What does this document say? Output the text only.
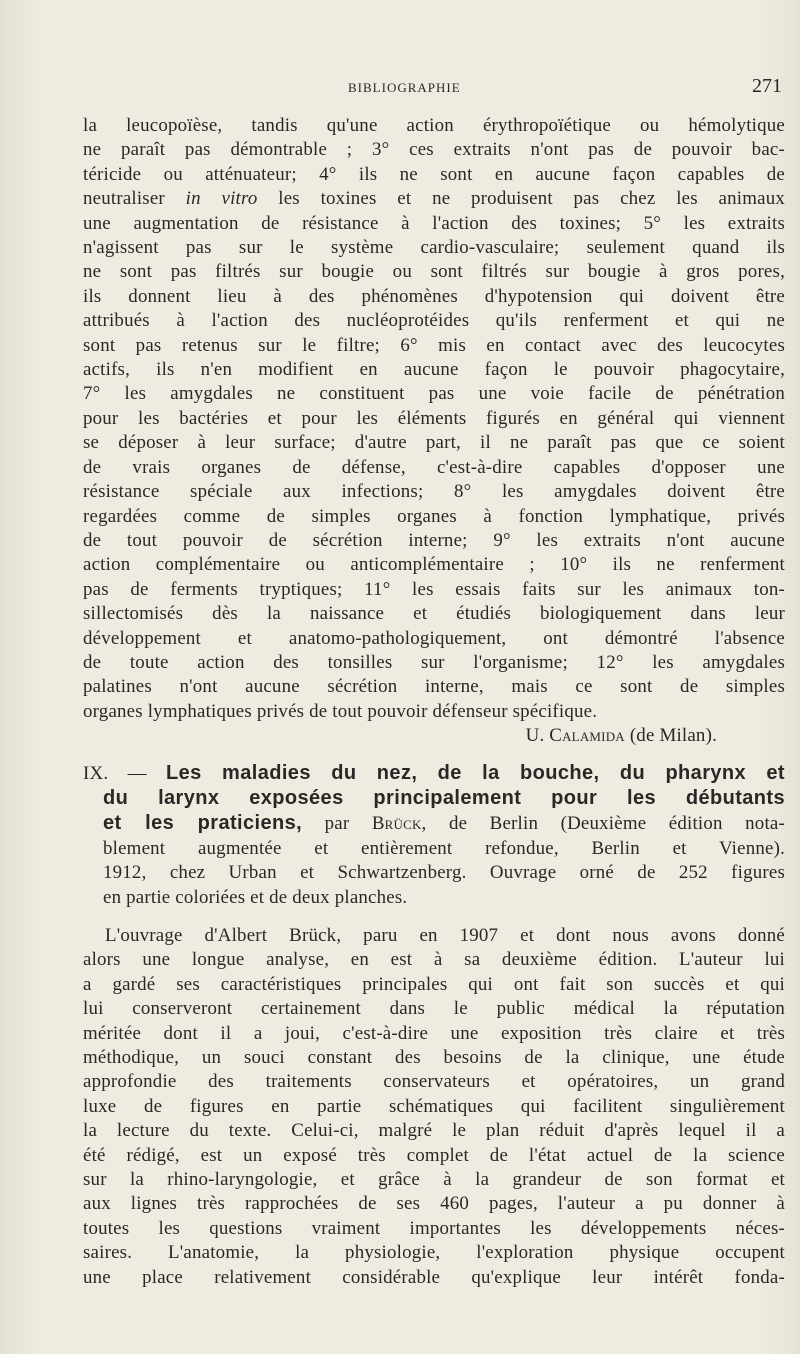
BIBLIOGRAPHIE	271

la leucopoïèse, tandis qu'une action érythropoïétique ou hémolytique

ne paraît pas démontrable ; 3° ces extraits n'ont pas de pouvoir bac-

téricide ou atténuateur; 4° ils ne sont en aucune façon capables de

neutraliser in vitro les toxines et ne produisent pas chez les animaux

une augmentation de résistance à l'action des toxines; 5° les extraits

n'agissent pas sur le système cardio-vasculaire; seulement quand ils

ne sont pas filtrés sur bougie ou sont filtrés sur bougie à gros pores,

ils donnent lieu à des phénomènes d'hypotension qui doivent être

attribués à l'action des nucléoprotéides qu'ils renferment et qui ne

sont pas retenus sur le filtre; 6° mis en contact avec des leucocytes

actifs, ils n'en modifient en aucune façon le pouvoir phagocytaire,

7° les amygdales ne constituent pas une voie facile de pénétration

pour les bactéries et pour les éléments figurés en général qui viennent

se déposer à leur surface; d'autre part, il ne paraît pas que ce soient

de vrais organes de défense, c'est-à-dire capables d'opposer une

résistance spéciale aux infections; 8° les amygdales doivent être

regardées comme de simples organes à fonction lymphatique, privés

de tout pouvoir de sécrétion interne; 9° les extraits n'ont aucune

action complémentaire ou anticomplémentaire ; 10° ils ne renferment

pas de ferments tryptiques; 11° les essais faits sur les animaux ton-

sillectomisés dès la naissance et étudiés biologiquement dans leur

développement et anatomo-pathologiquement, ont démontré l'absence

de toute action des tonsilles sur l'organisme; 12° les amygdales

palatines n'ont aucune sécrétion interne, mais ce sont de simples

organes lymphatiques privés de tout pouvoir défenseur spécifique.

U. Calamida (de Milan).

IX. — Les maladies du nez, de la bouche, du pharynx et

du larynx exposées principalement pour les débutants

et les praticiens, par Brück, de Berlin (Deuxième édition nota-

blement augmentée et entièrement refondue, Berlin et Vienne).

1912, chez Urban et Schwartzenberg. Ouvrage orné de 252 figures

en partie coloriées et de deux planches.

L'ouvrage d'Albert Brück, paru en 1907 et dont nous avons donné

alors une longue analyse, en est à sa deuxième édition. L'auteur lui

a gardé ses caractéristiques principales qui ont fait son succès et qui

lui conserveront certainement dans le public médical la réputation

méritée dont il a joui, c'est-à-dire une exposition très claire et très

méthodique, un souci constant des besoins de la clinique, une étude

approfondie des traitements conservateurs et opératoires, un grand

luxe de figures en partie schématiques qui facilitent singulièrement

la lecture du texte. Celui-ci, malgré le plan réduit d'après lequel il a

été rédigé, est un exposé très complet de l'état actuel de la science

sur la rhino-laryngologie, et grâce à la grandeur de son format et

aux lignes très rapprochées de ses 460 pages, l'auteur a pu donner à

toutes les questions vraiment importantes les développements néces-

saires. L'anatomie, la physiologie, l'exploration physique occupent

une place relativement considérable qu'explique leur intérêt fonda-
